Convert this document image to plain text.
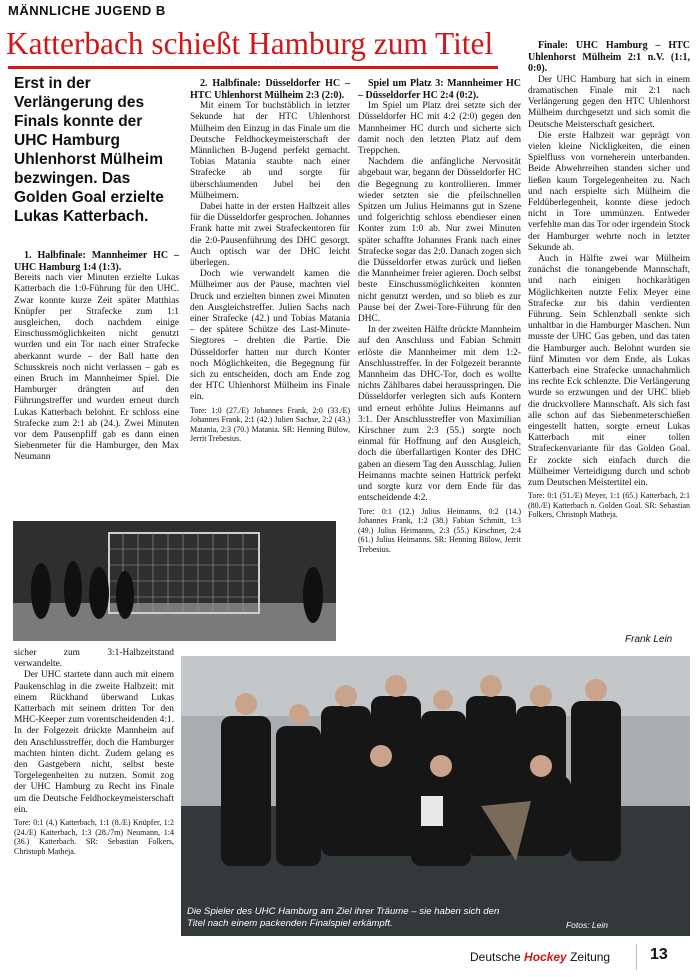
MÄNNLICHE JUGEND B
Katterbach schießt Hamburg zum Titel
Erst in der Verlängerung des Finals konnte der UHC Hamburg Uhlenhorst Mülheim bezwingen. Das Golden Goal erzielte Lukas Katterbach.

1. Halbfinale: Mannheimer HC – UHC Hamburg 1:4 (1:3).

Bereits nach vier Minuten erzielte Lukas Katterbach die 1:0-Führung für den UHC. Zwar konnte kurze Zeit später Matthias Knüpfer per Strafecke zum 1:1 ausgleichen, doch nachdem einige Einschussmöglichkeiten nicht genutzt wurden und ein Tor nach einer Strafecke aberkannt wurde – der Ball hatte den Schusskreis noch nicht verlassen – gab es einen Bruch im Mannheimer Spiel. Die Hamburger drängten auf den Führungstreffer und wurden erneut durch Lukas Katterbach belohnt. Er schloss eine Strafecke zum 2:1 ab (24.). Zwei Minuten vor dem Pausenpfiff gab es dann einen Siebenmeter für die Hamburger, den Max Neumann

sicher zum 3:1-Halbzeitstand verwandelte.

Der UHC startete dann auch mit einem Paukenschlag in die zweite Halbzeit: mit einem Rückhand überwand Lukas Katterbach mit seinem dritten Tor den MHC-Keeper zum vorentscheidenden 4:1. In der Folgezeit drückte Mannheim auf den Anschlusstreffer, doch die Hamburger machten hinten dicht. Zudem gelang es den Gastgebern nicht, selbst beste Torgelegenheiten zu nutzen. Somit zog der UHC Hamburg zu Recht ins Finale um die Deutsche Feldhockeymeisterschaft ein.

Tore: 0:1 (4.) Katterbach, 1:1 (8./E) Knüpfer, 1:2 (24./E) Katterbach, 1:3 (28./7m) Neumann, 1:4 (36.) Katterbach. SR: Sebastian Folkers, Christoph Matheja.

2. Halbfinale: Düsseldorfer HC – HTC Uhlenhorst Mülheim 2:3 (2:0).

Mit einem Tor buchstäblich in letzter Sekunde hat der HTC Uhlenhorst Mülheim den Einzug in das Finale um die Deutsche Feldhockeymeisterschaft der Männlichen B-Jugend perfekt gemacht. Tobias Matania staubte nach einer Strafecke ab und sorgte für überschäumenden Jubel bei den Mülheimern.

Dabei hatte in der ersten Halbzeit alles für die Düsseldorfer gesprochen. Johannes Frank hatte mit zwei Strafeckentoren für die 2:0-Pausenführung des DHC gesorgt. Auch optisch war der DHC leicht überlegen.

Doch wie verwandelt kamen die Mülheimer aus der Pause, machten viel Druck und erzielten binnen zwei Minuten den Ausgleichstreffer. Julien Sachs nach einer Strafecke (42.) und Tobias Matania – der spätere Schütze des Last-Minute-Siegtores – drehten die Partie. Die Düsseldorfer hatten nur durch Konter noch Möglichkeiten, die Begegnung für sich zu entscheiden, doch am Ende zog der HTC Uhlenhorst Mülheim ins Finale ein.

Tore: 1:0 (27./E) Johannes Frank, 2:0 (33./E) Johannes Frank, 2:1 (42.) Julien Sachse, 2:2 (43.) Matania, 2:3 (70.) Matania. SR: Henning Bülow, Jerrit Trebesius.

Spiel um Platz 3: Mannheimer HC – Düsseldorfer HC 2:4 (0:2).

Im Spiel um Platz drei setzte sich der Düsseldorfer HC mit 4:2 (2:0) gegen den Mannheimer HC durch und sicherte sich damit noch den letzten Platz auf dem Treppchen.

Nachdem die anfängliche Nervosität abgebaut war, begann der Düsseldorfer HC die Begegnung zu kontrollieren. Immer wieder setzten sie die pfeilschnellen Spitzen um Julius Heimanns gut in Szene und folgerichtig schloss ebendieser einen Konter zum 1:0 ab. Nur zwei Minuten später schaffte Johannes Frank nach einer Strafecke sogar das 2:0. Danach zogen sich die Düsseldorfer etwas zurück und ließen die Mannheimer freier agieren. Doch selbst beste Einschussmöglichkeiten konnten nicht genutzt werden, und so blieb es zur Pause bei der Zwei-Tore-Führung für den DHC.

In der zweiten Hälfte drückte Mannheim auf den Anschluss und Fabian Schmitt erlöste die Mannheimer mit dem 1:2-Anschlusstreffer. In der Folgezeit berannte Mannheim das DHC-Tor, doch es wollte nichts Zählbares dabei herausspringen. Die Düsseldorfer verlegten sich aufs Kontern und erneut erhöhte Julius Heimanns auf 3:1. Der Anschlusstreffer von Maximilian Kirschner zum 2:3 (55.) sorgte noch einmal für Hoffnung auf den Ausgleich, doch die überfallartigen Konter des DHC gaben an diesem Tag den Ausschlag. Julien Heimanns machte seinen Hattrick perfekt und sorgte kurz vor dem Ende für das entscheidende 4:2.

Tore: 0:1 (12.) Julius Heimanns, 0:2 (14.) Johannes Frank, 1:2 (38.) Fabian Schmitt, 1:3 (49.) Julius Heimanns, 2:3 (55.) Kirschner, 2:4 (61.) Julius Heimanns. SR: Henning Bülow, Jerrit Trebesius.

Finale: UHC Hamburg – HTC Uhlenhorst Mülheim 2:1 n.V. (1:1, 0:0).

Der UHC Hamburg hat sich in einem dramatischen Finale mit 2:1 nach Verlängerung gegen den HTC Uhlenhorst Mülheim durchgesetzt und sich somit die Deutsche Meisterschaft gesichert.

Die erste Halbzeit war geprägt von vielen kleine Nickligkeiten, die einen Spielfluss von vorneherein unterbanden. Beide Abwehrreihen standen sicher und ließen kaum Torgelegenheiten zu. Nach und nach erspielte sich Mülheim die Feldüberlegenheit, konnte diese jedoch nicht in Tore ummünzen. Entweder verfehlte man das Tor oder irgendein Stock der Hamburger wehrte noch in letzter Sekunde ab.

Auch in Hälfte zwei war Mülheim zunächst die tonangebende Mannschaft, und nach einigen hochkarätigen Möglichkeiten nutzte Felix Meyer eine Strafecke zur bis dahin verdienten Führung. Sein Schlenzball senkte sich unhaltbar in die Hamburger Maschen. Nun musste der UHC Gas geben, und das taten die Hamburger auch. Belohnt wurden sie fünf Minuten vor dem Ende, als Lukas Katterbach eine Strafecke unnachahmlich ins rechte Eck schlenzte. Die Verlängerung wurde so erzwungen und der UHC blieb die druckvollere Mannschaft. Als sich fast alle schon auf das Siebenmeterschießen eingestellt hatten, sorgte erneut Lukas Katterbach mit einer tollen Strafeckenvariante für das Golden Goal. Er zockte sich einfach durch die Mülheimer Verteidigung durch und schob zum Deutschen Meistertitel ein.

Tore: 0:1 (51./E) Meyer, 1:1 (65.) Katterbach, 2:1 (80./E) Katterbach n. Golden Goal. SR: Sebastian Folkers, Christoph Matheja.

Frank Lein
Die Spieler des UHC Hamburg am Ziel ihrer Träume – sie haben sich den Titel nach einem packenden Finalspiel erkämpft.	Fotos: Lein
Deutsche Hockey Zeitung 13
